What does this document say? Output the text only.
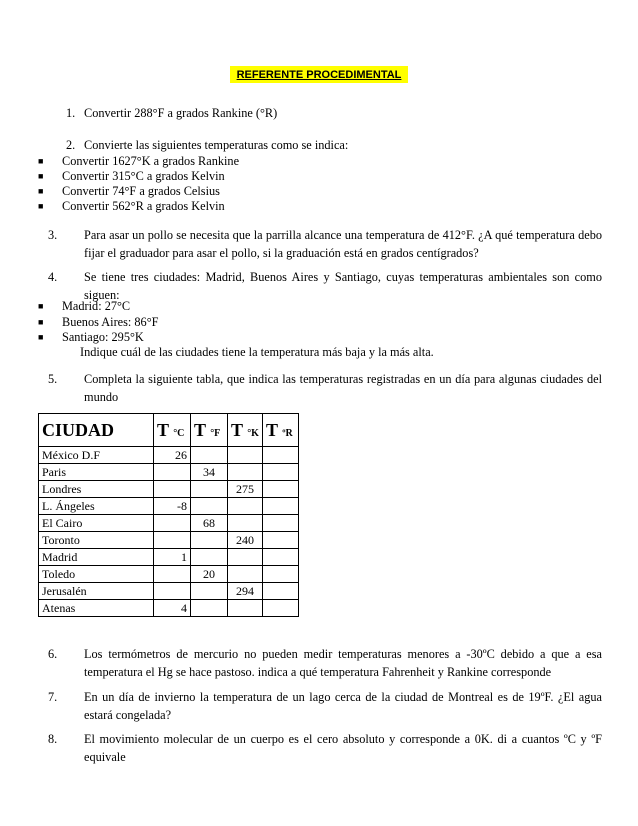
REFERENTE PROCEDIMENTAL
1. Convertir 288°F a grados Rankine (°R)
2. Convierte las siguientes temperaturas como se indica:
■ Convertir 1627°K a grados Rankine
■ Convertir 315°C a grados Kelvin
■ Convertir 74°F a grados Celsius
■ Convertir 562°R a grados Kelvin
3. Para asar un pollo se necesita que la parrilla alcance una temperatura de 412°F. ¿A qué temperatura debo fijar el graduador para asar el pollo, si la graduación está en grados centígrados?
4. Se tiene tres ciudades: Madrid, Buenos Aires y Santiago, cuyas temperaturas ambientales son como siguen:
■ Madrid: 27°C
■ Buenos Aires: 86°F
■ Santiago: 295°K
Indique cuál de las ciudades tiene la temperatura más baja y la más alta.
5. Completa la siguiente tabla, que indica las temperaturas registradas en un día para algunas ciudades del mundo
CIUDAD	T °C	T °F	T °K	T ºR
México D.F	26			
Paris		34		
Londres			275	
L. Ángeles	-8			
El Cairo		68		
Toronto			240	
Madrid	1			
Toledo		20		
Jerusalén			294	
Atenas	4			
6. Los termómetros de mercurio no pueden medir temperaturas menores a -30ºC debido a que a esa temperatura el Hg se hace pastoso. indica a qué temperatura Fahrenheit y Rankine corresponde
7. En un día de invierno la temperatura de un lago cerca de la ciudad de Montreal es de 19ºF. ¿El agua estará congelada?
8. El movimiento molecular de un cuerpo es el cero absoluto y corresponde a 0K. di a cuantos ºC y ºF equivale
